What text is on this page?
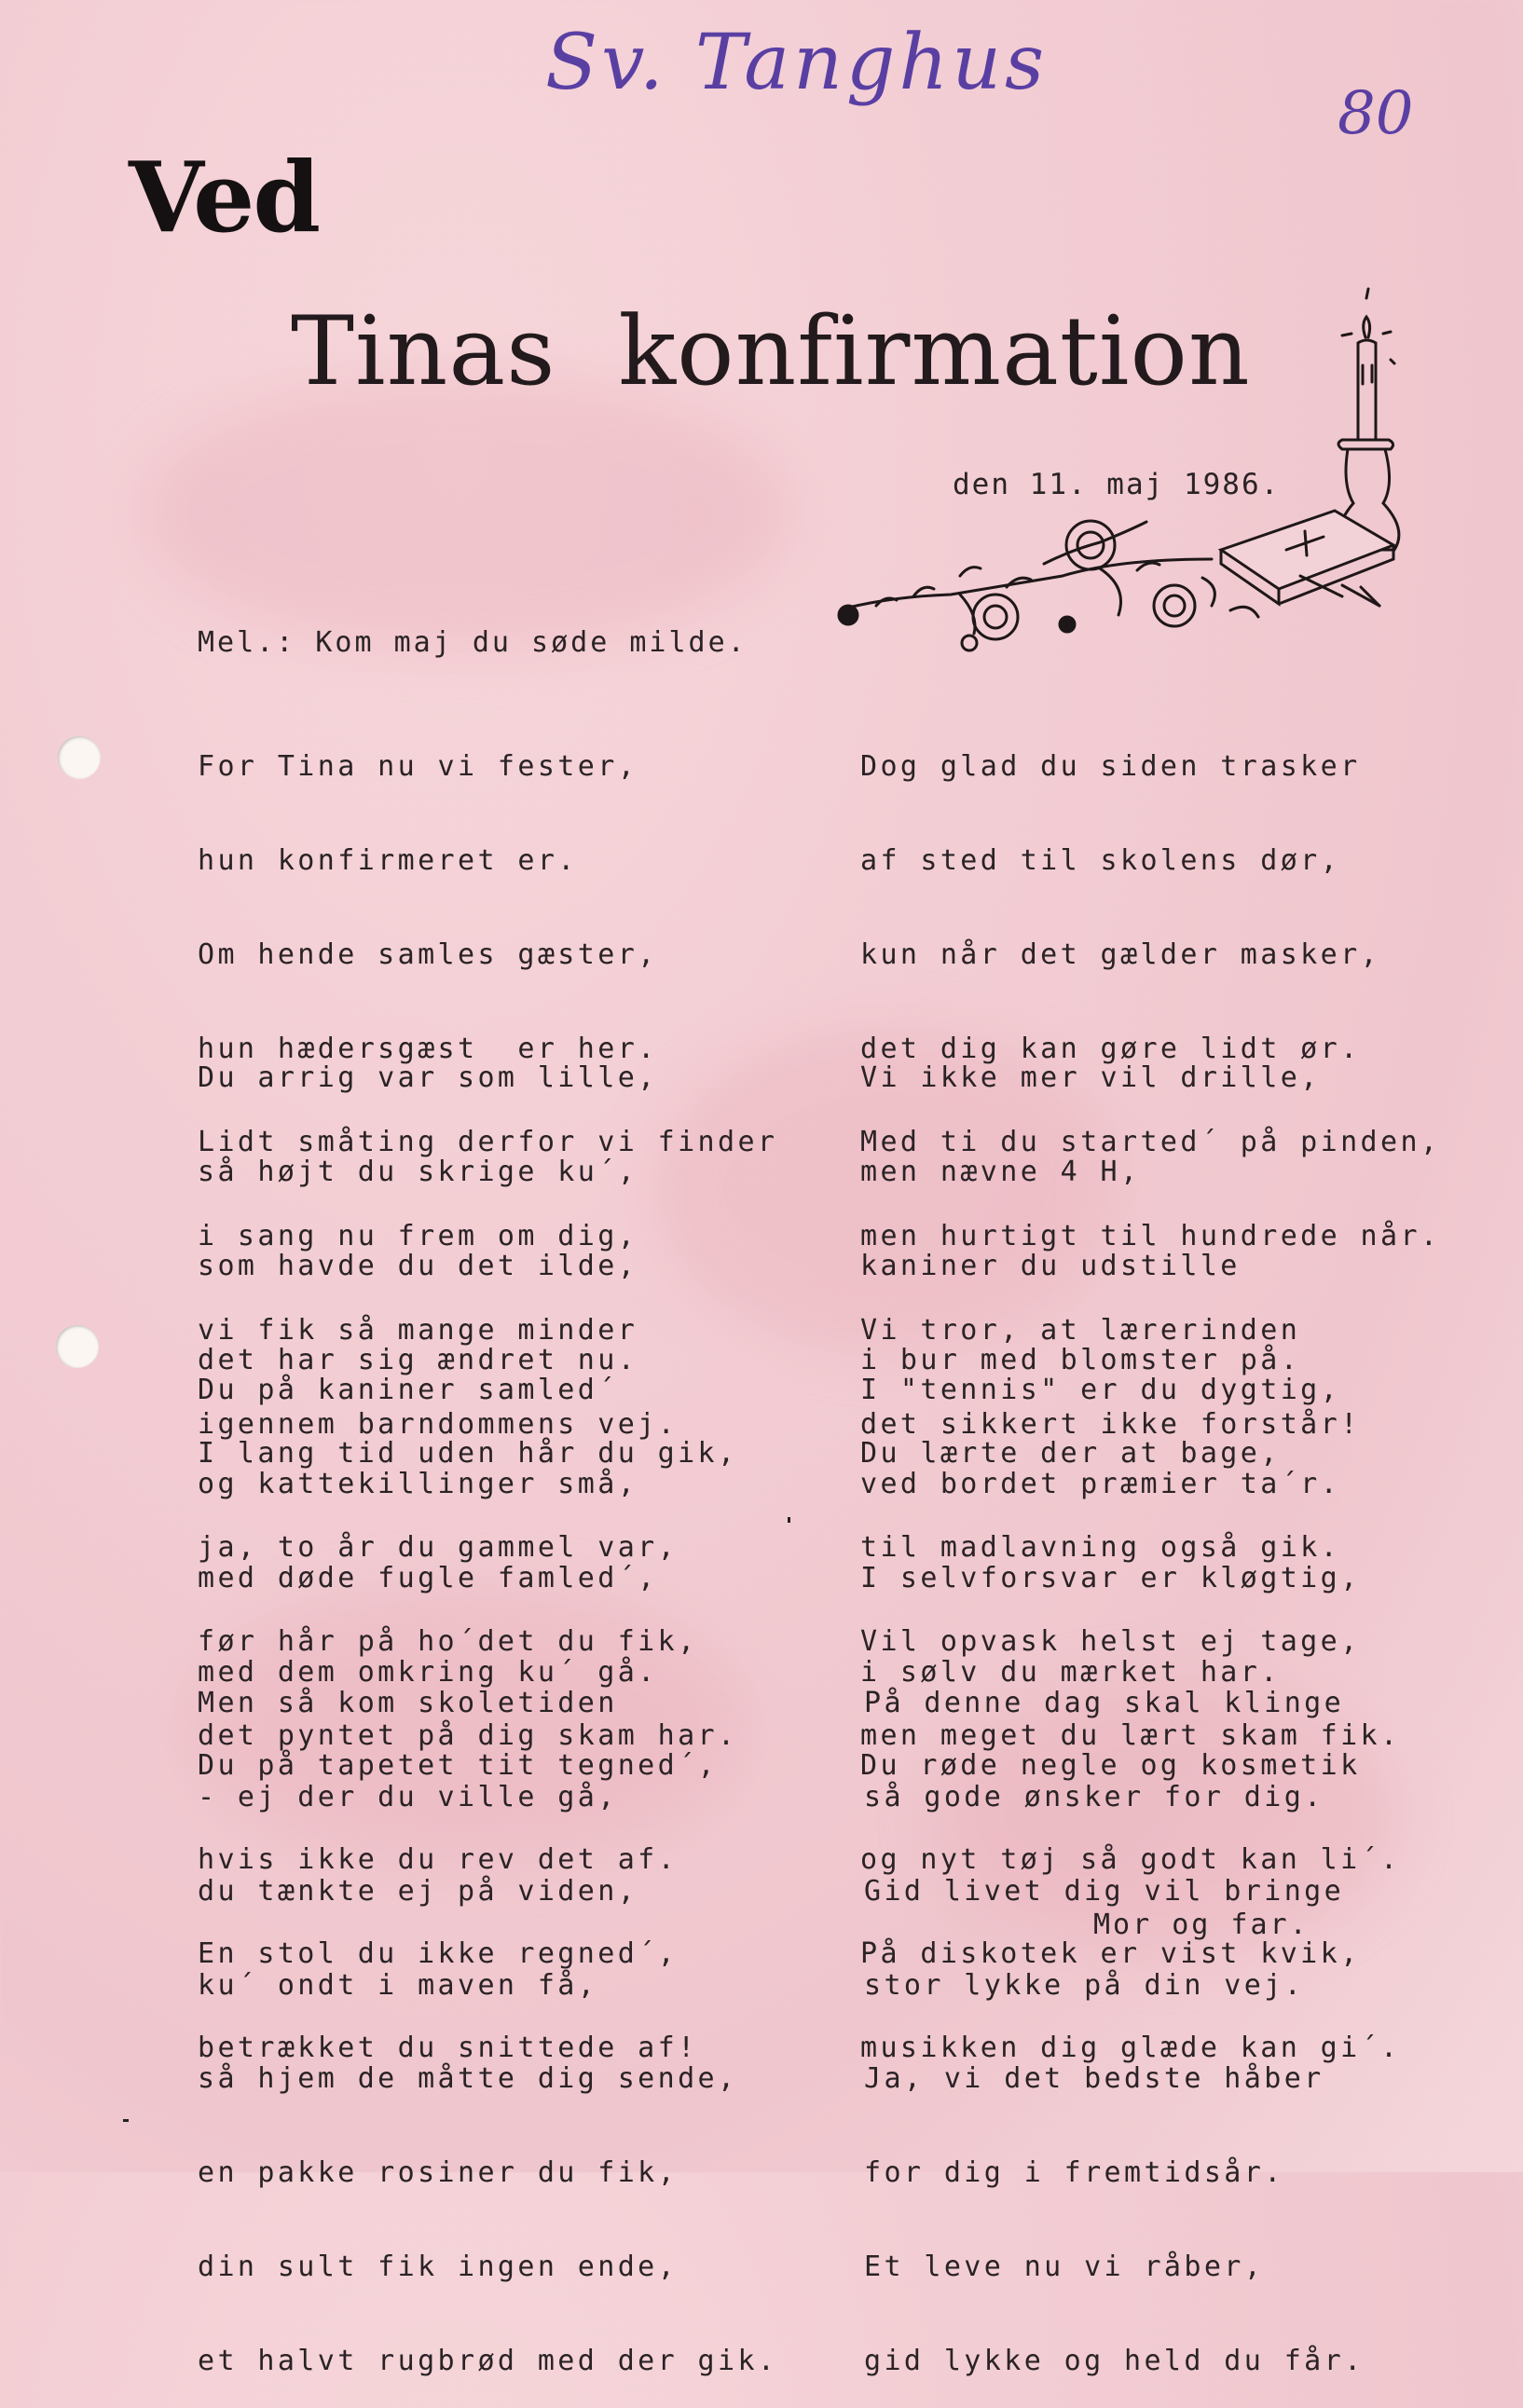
Sv. Tanghus
80
Ved
Tinas  konfirmation
den 11. maj 1986.
Mel.: Kom maj du søde milde.

For Tina nu vi fester,

hun konfirmeret er.

Om hende samles gæster,

hun hædersgæst  er her.

Lidt småting derfor vi finder

i sang nu frem om dig,

vi fik så mange minder

igennem barndommens vej.

Du arrig var som lille,

så højt du skrige ku´,

som havde du det ilde,

det har sig ændret nu.

I lang tid uden hår du gik,

ja, to år du gammel var,

før hår på ho´det du fik,

det pyntet på dig skam har.

Du på kaniner samled´

og kattekillinger små,

med døde fugle famled´,

med dem omkring ku´ gå.

Du på tapetet tit tegned´,

hvis ikke du rev det af.

En stol du ikke regned´,

betrækket du snittede af!

Men så kom skoletiden

- ej der du ville gå,

du tænkte ej på viden,

ku´ ondt i maven få,

så hjem de måtte dig sende,

en pakke rosiner du fik,

din sult fik ingen ende,

et halvt rugbrød med der gik.

Dog glad du siden trasker

af sted til skolens dør,

kun når det gælder masker,

det dig kan gøre lidt ør.

Med ti du started´ på pinden,

men hurtigt til hundrede når.

Vi tror, at lærerinden

det sikkert ikke forstår!

Vi ikke mer vil drille,

men nævne 4 H,

kaniner du udstille

i bur med blomster på.

Du lærte der at bage,

til madlavning også gik.

Vil opvask helst ej tage,

men meget du lært skam fik.

I "tennis" er du dygtig,

ved bordet præmier ta´r.

I selvforsvar er kløgtig,

i sølv du mærket har.

Du røde negle og kosmetik

og nyt tøj så godt kan li´.

På diskotek er vist kvik,

musikken dig glæde kan gi´.

På denne dag skal klinge

så gode ønsker for dig.

Gid livet dig vil bringe

stor lykke på din vej.

Ja, vi det bedste håber

for dig i fremtidsår.

Et leve nu vi råber,

gid lykke og held du får.

Mor og far.
